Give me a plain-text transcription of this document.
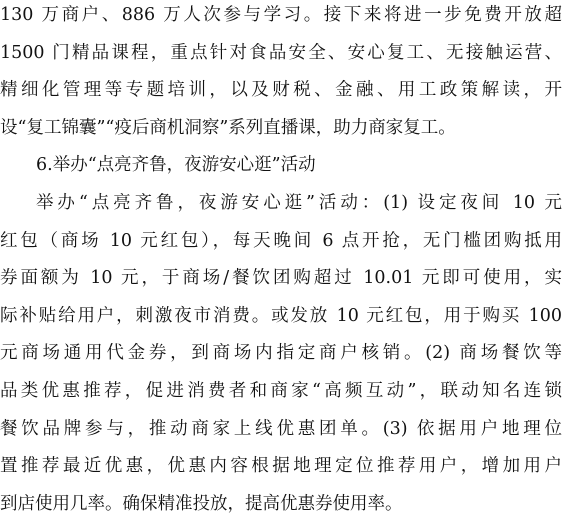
130 万商户、886 万人次参与学习。接下来将进一步免费开放超
1500 门精品课程，重点针对食品安全、安心复工、无接触运营、
精细化管理等专题培训，以及财税、金融、用工政策解读，开
设“复工锦囊”“疫后商机洞察”系列直播课，助力商家复工。
6.举办“点亮齐鲁，夜游安心逛”活动
举办“点亮齐鲁，夜游安心逛”活动：(1) 设定夜间 10 元
红包（商场 10 元红包），每天晚间 6 点开抢，无门槛团购抵用
券面额为 10 元，于商场/餐饮团购超过 10.01 元即可使用，实
际补贴给用户，刺激夜市消费。或发放 10 元红包，用于购买 100
元商场通用代金券，到商场内指定商户核销。(2) 商场餐饮等
品类优惠推荐，促进消费者和商家“高频互动”，联动知名连锁
餐饮品牌参与，推动商家上线优惠团单。(3) 依据用户地理位
置推荐最近优惠，优惠内容根据地理定位推荐用户，增加用户
到店使用几率。确保精准投放，提高优惠券使用率。
